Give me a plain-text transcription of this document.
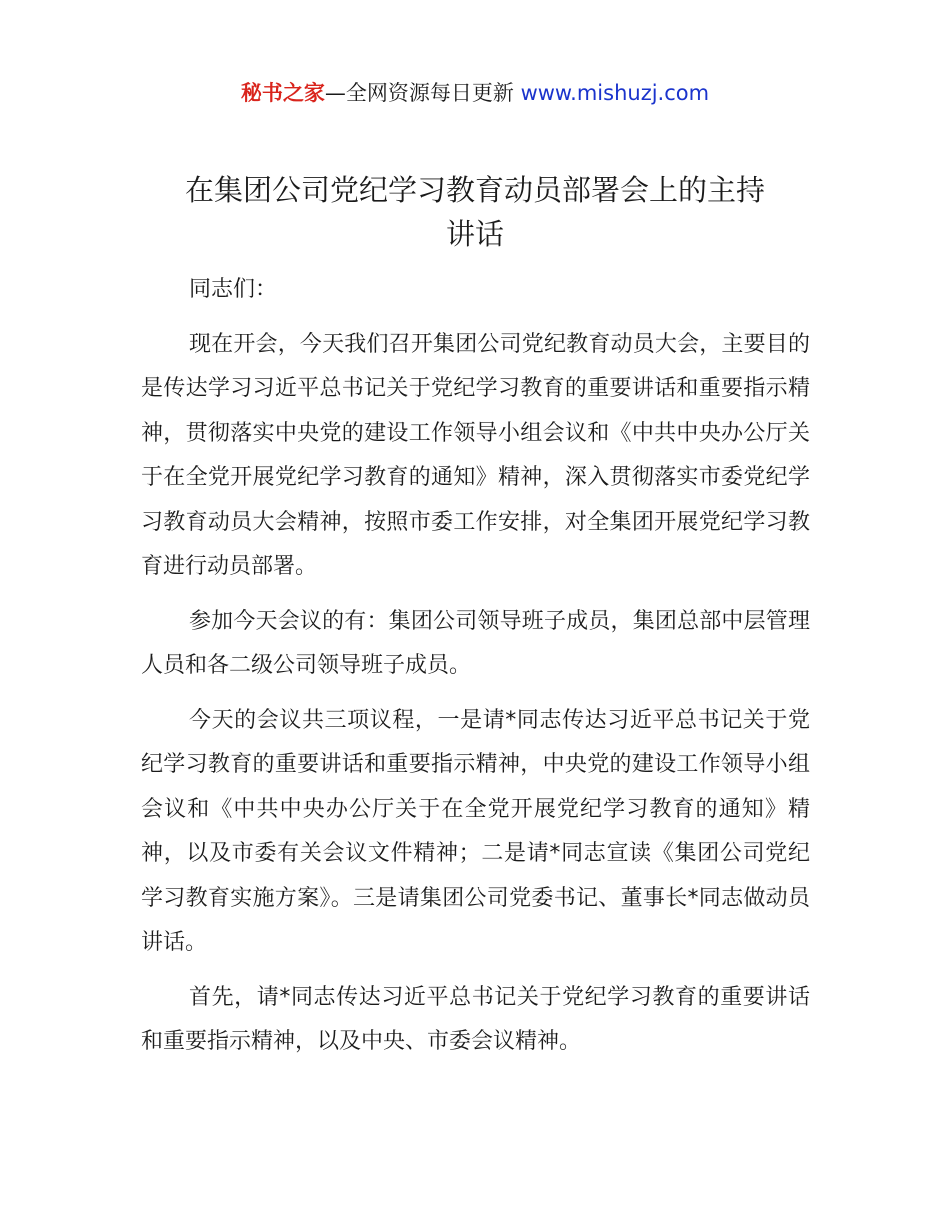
秘书之家—全网资源每日更新 www.mishuzj.com
在集团公司党纪学习教育动员部署会上的主持
讲话

同志们：

现在开会，今天我们召开集团公司党纪教育动员大会，主要目的是传达学习习近平总书记关于党纪学习教育的重要讲话和重要指示精神，贯彻落实中央党的建设工作领导小组会议和《中共中央办公厅关于在全党开展党纪学习教育的通知》精神，深入贯彻落实市委党纪学习教育动员大会精神，按照市委工作安排，对全集团开展党纪学习教育进行动员部署。

参加今天会议的有：集团公司领导班子成员，集团总部中层管理人员和各二级公司领导班子成员。

今天的会议共三项议程，一是请*同志传达习近平总书记关于党纪学习教育的重要讲话和重要指示精神，中央党的建设工作领导小组会议和《中共中央办公厅关于在全党开展党纪学习教育的通知》精神，以及市委有关会议文件精神；二是请*同志宣读《集团公司党纪学习教育实施方案》。三是请集团公司党委书记、董事长*同志做动员讲话。

首先，请*同志传达习近平总书记关于党纪学习教育的重要讲话和重要指示精神，以及中央、市委会议精神。
